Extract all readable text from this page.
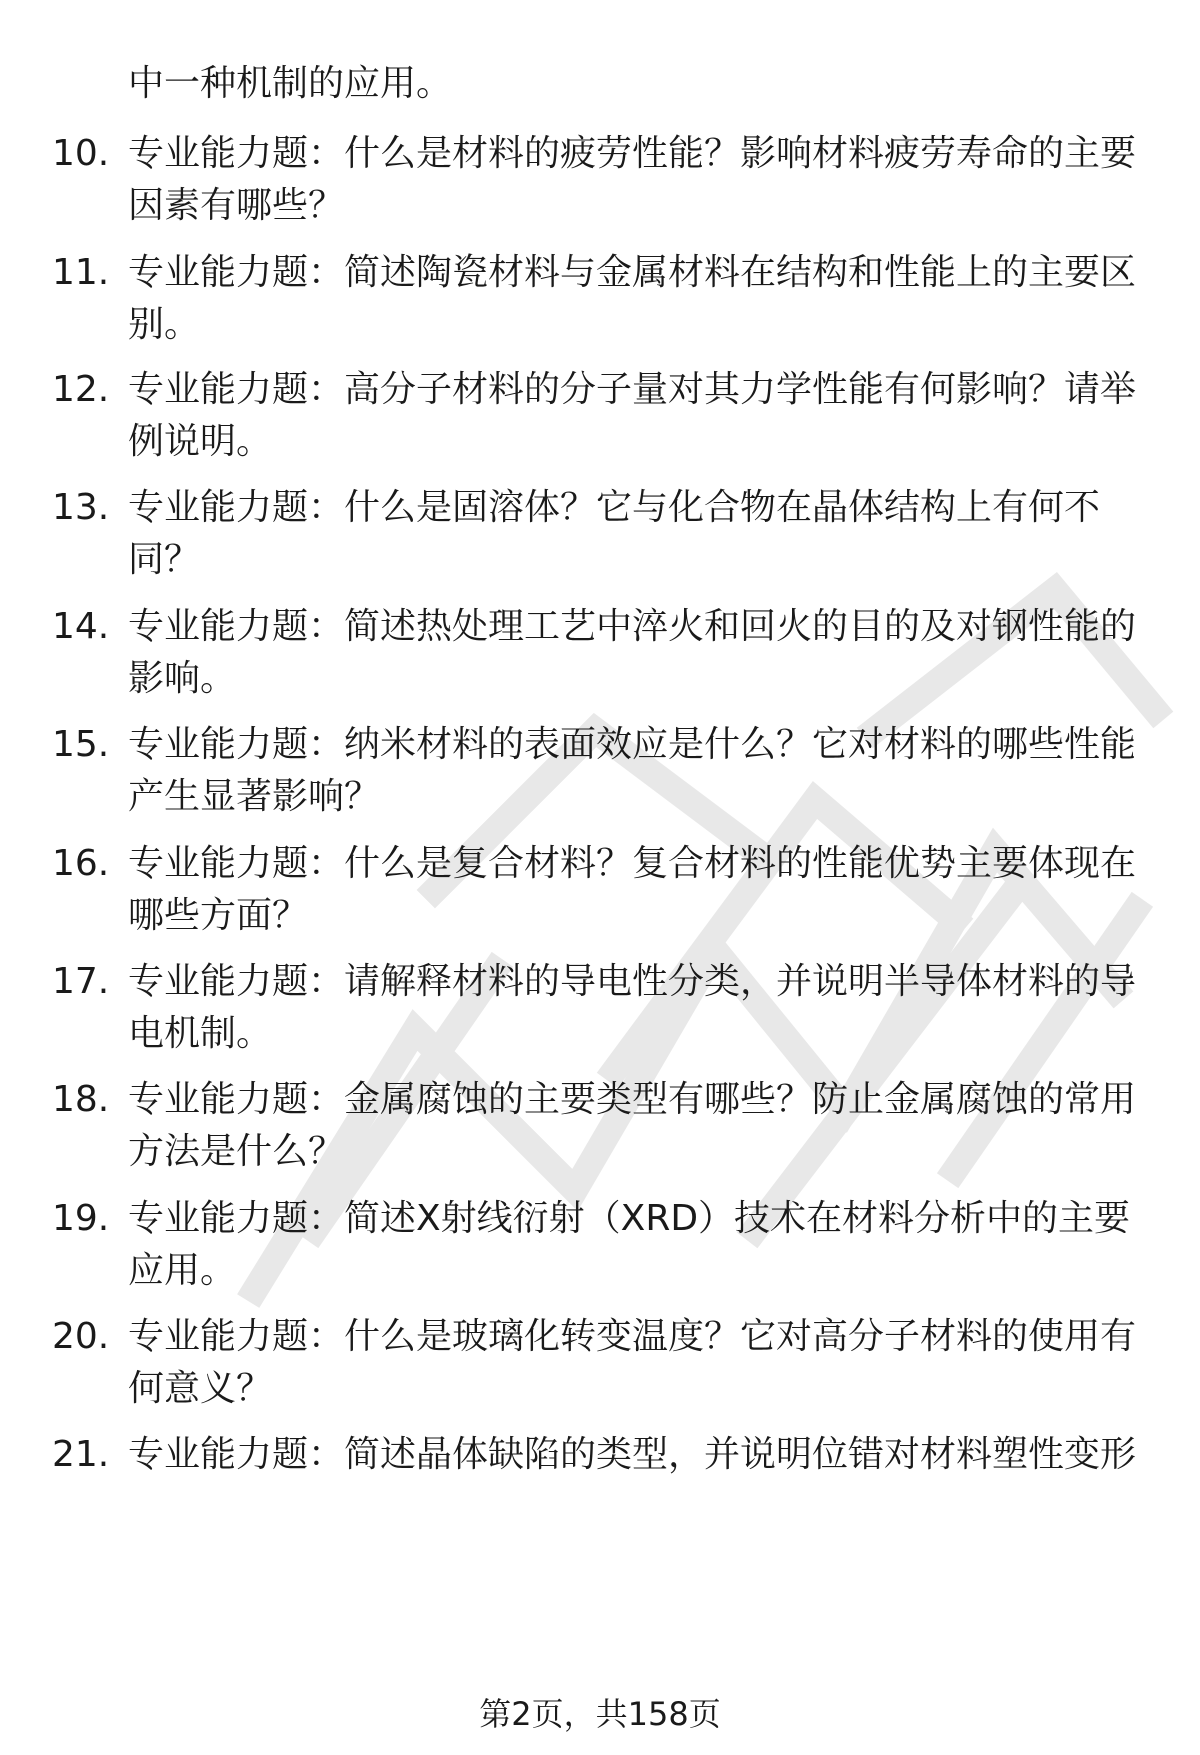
中一种机制的应用。
10. 专业能力题：什么是材料的疲劳性能？影响材料疲劳寿命的主要因素有哪些？
11. 专业能力题：简述陶瓷材料与金属材料在结构和性能上的主要区别。
12. 专业能力题：高分子材料的分子量对其力学性能有何影响？请举例说明。
13. 专业能力题：什么是固溶体？它与化合物在晶体结构上有何不同？
14. 专业能力题：简述热处理工艺中淬火和回火的目的及对钢性能的影响。
15. 专业能力题：纳米材料的表面效应是什么？它对材料的哪些性能产生显著影响？
16. 专业能力题：什么是复合材料？复合材料的性能优势主要体现在哪些方面？
17. 专业能力题：请解释材料的导电性分类，并说明半导体材料的导电机制。
18. 专业能力题：金属腐蚀的主要类型有哪些？防止金属腐蚀的常用方法是什么？
19. 专业能力题：简述X射线衍射（XRD）技术在材料分析中的主要应用。
20. 专业能力题：什么是玻璃化转变温度？它对高分子材料的使用有何意义？
21. 专业能力题：简述晶体缺陷的类型，并说明位错对材料塑性变形
第2页，共158页
